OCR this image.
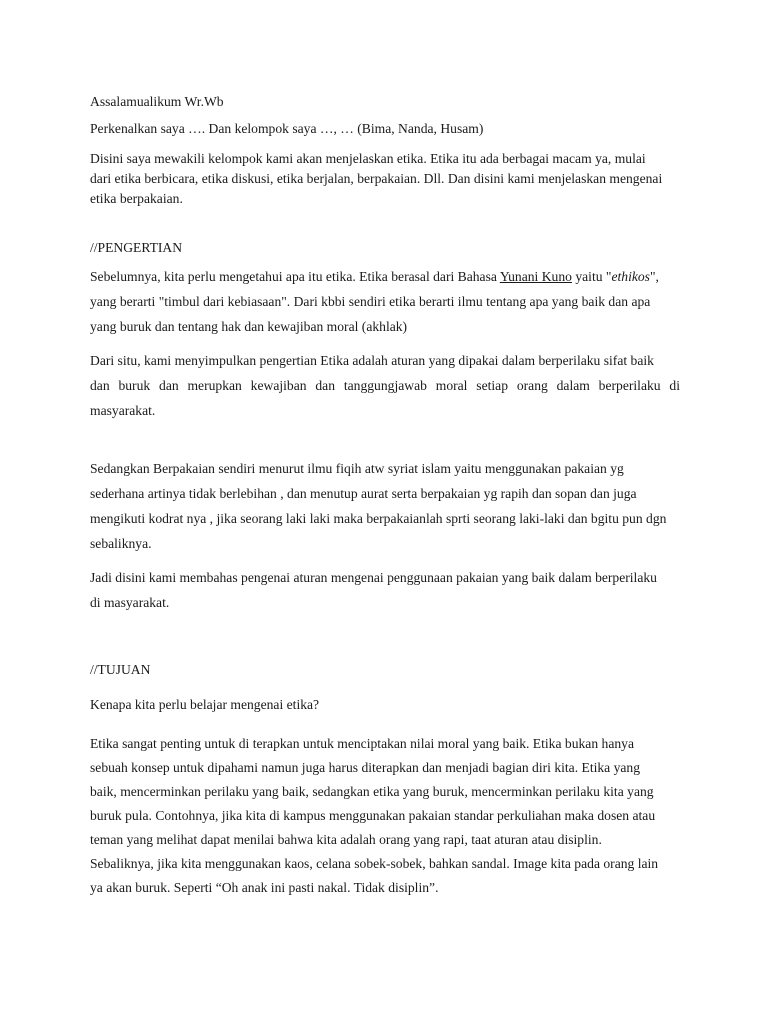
Assalamualikum Wr.Wb

Perkenalkan saya …. Dan kelompok saya …, … (Bima, Nanda, Husam)

Disini saya mewakili kelompok kami akan menjelaskan etika. Etika itu ada berbagai macam ya, mulai
dari etika berbicara, etika diskusi, etika berjalan, berpakaian. Dll. Dan disini kami menjelaskan mengenai
etika berpakaian.

//PENGERTIAN

Sebelumnya, kita perlu mengetahui apa itu etika. Etika berasal dari Bahasa Yunani Kuno yaitu "ethikos",
yang berarti "timbul dari kebiasaan". Dari kbbi sendiri etika berarti ilmu tentang apa yang baik dan apa
yang buruk dan tentang hak dan kewajiban moral (akhlak)
Dari situ, kami menyimpulkan pengertian Etika adalah aturan yang dipakai dalam berperilaku sifat baik
dan buruk dan merupkan kewajiban dan tanggungjawab moral setiap orang dalam berperilaku di
masyarakat.
Sedangkan Berpakaian sendiri menurut ilmu fiqih atw syriat islam yaitu menggunakan pakaian yg
sederhana artinya tidak berlebihan , dan menutup aurat serta berpakaian yg rapih dan sopan dan juga
mengikuti kodrat nya , jika seorang laki laki maka berpakaianlah sprti seorang laki-laki dan bgitu pun dgn
sebaliknya.
Jadi disini kami membahas pengenai aturan mengenai penggunaan pakaian yang baik dalam berperilaku
di masyarakat.

//TUJUAN

Kenapa kita perlu belajar mengenai etika?

Etika sangat penting untuk di terapkan untuk menciptakan nilai moral yang baik. Etika bukan hanya
sebuah konsep untuk dipahami namun juga harus diterapkan dan menjadi bagian diri kita. Etika yang
baik, mencerminkan perilaku yang baik, sedangkan etika yang buruk, mencerminkan perilaku kita yang
buruk pula. Contohnya, jika kita di kampus menggunakan pakaian standar perkuliahan maka dosen atau
teman yang melihat dapat menilai bahwa kita adalah orang yang rapi, taat aturan atau disiplin.
Sebaliknya, jika kita menggunakan kaos, celana sobek-sobek, bahkan sandal. Image kita pada orang lain
ya akan buruk. Seperti “Oh anak ini pasti nakal. Tidak disiplin”.
